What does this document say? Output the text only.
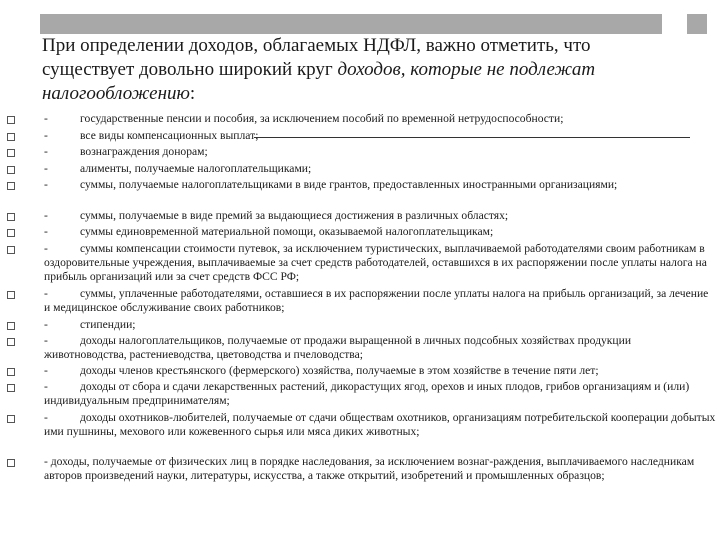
При определении доходов, облагаемых НДФЛ, важно отметить, что
существует довольно широкий круг доходов, которые не подлежат
налогообложению:
-	государственные пенсии и пособия, за исключением пособий по временной нетрудоспособности;
-	все виды компенсационных выплат;
-	вознаграждения донорам;
-	алименты, получаемые налогоплательщиками;
-	суммы, получаемые налогоплательщиками в виде грантов, предоставленных иностранными организациями;
-	суммы, получаемые в виде премий за выдающиеся достижения в различных областях;
-	суммы единовременной материальной помощи, оказываемой налогоплательщикам;
-	суммы компенсации стоимости путевок, за исключением туристических, выплачиваемой работодателями своим работникам в оздоровительные учреждения, выплачиваемые за счет средств работодателей, оставшихся в их распоряжении после уплаты налога на прибыль организаций или за счет средств ФСС РФ;
-	суммы, уплаченные работодателями, оставшиеся в их распоряжении после уплаты налога на прибыль организаций, за лечение и медицинское обслуживание своих работников;
-	стипендии;
-	доходы налогоплательщиков, получаемые от продажи выращенной в личных подсобных хозяйствах продукции животноводства, растениеводства, цветоводства и пчеловодства;
-	доходы членов крестьянского (фермерского) хозяйства, получаемые в этом хозяйстве в течение пяти лет;
-	доходы от сбора и сдачи лекарственных растений, дикорастущих ягод, орехов и иных плодов, грибов организациям и (или) индивидуальным предпринимателям;
-	доходы охотников-любителей, получаемые от сдачи обществам охотников, организациям потребительской кооперации добытых ими пушнины, мехового или кожевенного сырья или мяса диких животных;
- доходы, получаемые от физических лиц в порядке наследования, за исключением вознаг-раждения, выплачиваемого наследникам авторов произведений науки, литературы, искусства, а также открытий, изобретений и промышленных образцов;
